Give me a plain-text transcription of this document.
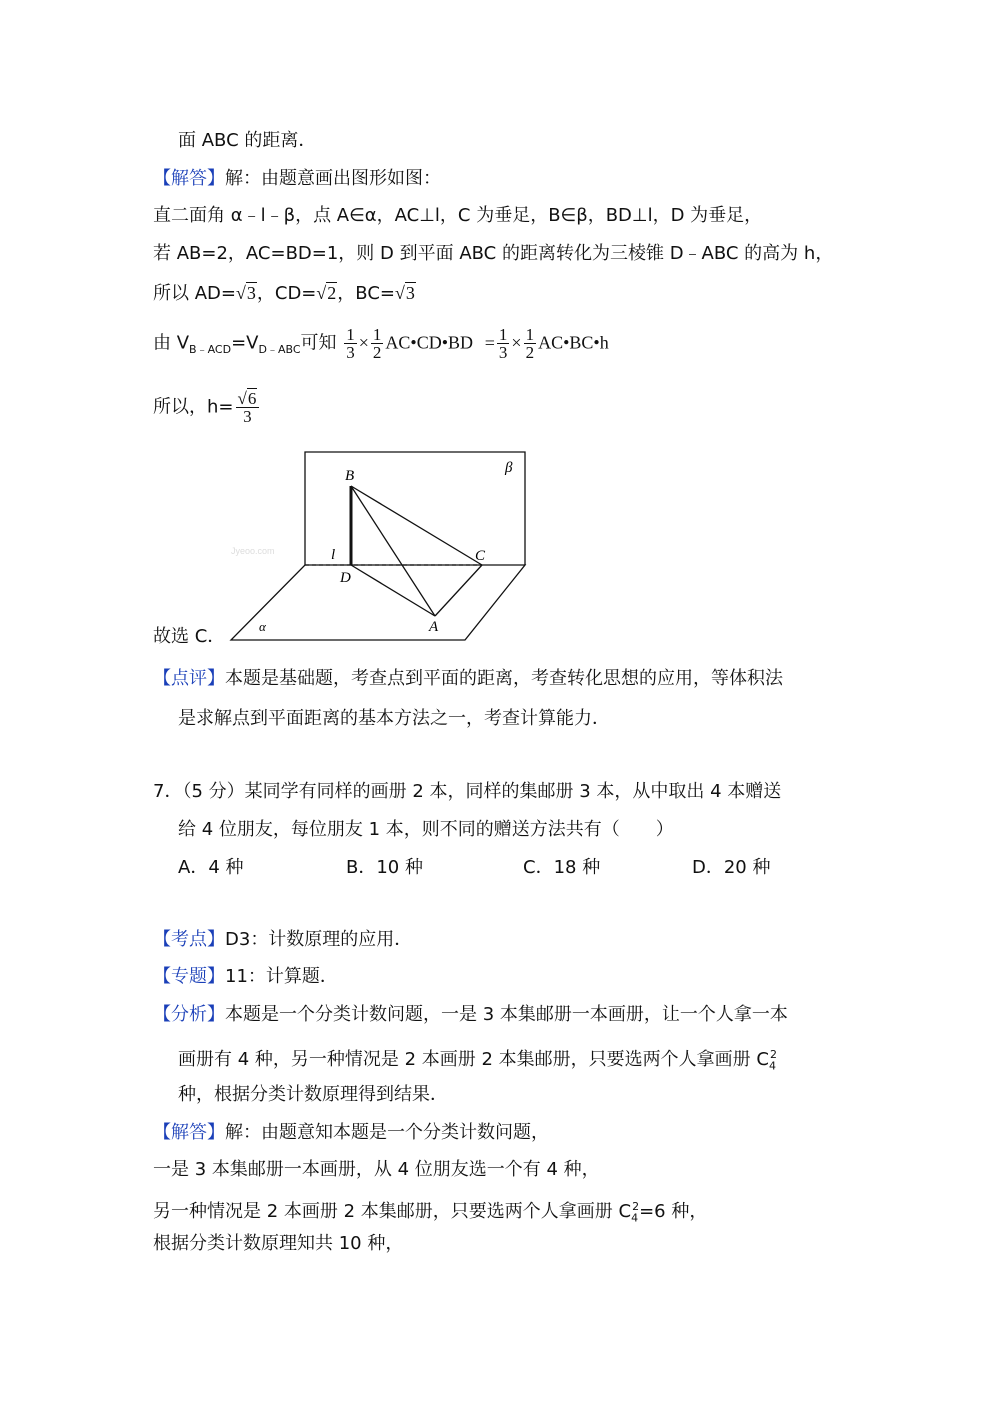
面 ABC 的距离．
【解答】解：由题意画出图形如图：
直二面角 α﹣l﹣β，点 A∈α，AC⊥l，C 为垂足，B∈β，BD⊥l，D 为垂足，
若 AB=2，AC=BD=1，则 D 到平面 ABC 的距离转化为三棱锥 D﹣ABC 的高为 h，
所以 AD=√3，CD=√2，BC=√3
由 $V_{B﹣ACD}=V_{D﹣ABC}$可知 $\frac{1}{3} \times \frac{1}{2}$ AC•CD•BD = $\frac{1}{3} \times \frac{1}{2}$ AC•BC•h
所以，$h= \frac{√6}{3}$
B	β
l	C
D
A
α
Jyeoo.com
故选 C．
【点评】本题是基础题，考查点到平面的距离，考查转化思想的应用，等体积法
是求解点到平面距离的基本方法之一，考查计算能力．
7．（5 分）某同学有同样的画册 2 本，同样的集邮册 3 本，从中取出 4 本赠送
给 4 位朋友，每位朋友 1 本，则不同的赠送方法共有（　　）
A．4 种	B．10 种	C．18 种	D．20 种
【考点】D3：计数原理的应用．
【专题】11：计算题．
【分析】本题是一个分类计数问题，一是 3 本集邮册一本画册，让一个人拿一本
画册有 4 种，另一种情况是 2 本画册 2 本集邮册，只要选两个人拿画册 $C_4^2$
种，根据分类计数原理得到结果．
【解答】解：由题意知本题是一个分类计数问题，
一是 3 本集邮册一本画册，从 4 位朋友选一个有 4 种，
另一种情况是 2 本画册 2 本集邮册，只要选两个人拿画册 $C_4^2=6$ 种，
根据分类计数原理知共 10 种，
